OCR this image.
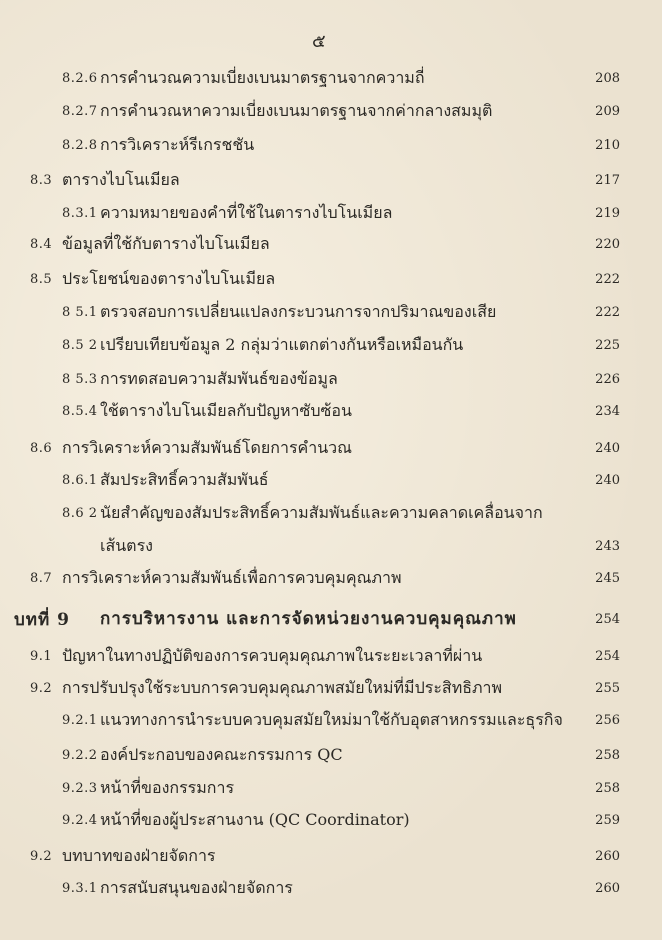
๕
8.2.6 การคำนวณความเบี่ยงเบนมาตรฐานจากความถี่	208
8.2.7 การคำนวณหาความเบี่ยงเบนมาตรฐานจากค่ากลางสมมุติ	209
8.2.8 การวิเคราะห์รีเกรชชัน	210
8.3 ตารางไบโนเมียล	217
8.3.1 ความหมายของคำที่ใช้ในตารางไบโนเมียล	219
8.4 ข้อมูลที่ใช้กับตารางไบโนเมียล	220
8.5 ประโยชน์ของตารางไบโนเมียล	222
8 5.1 ตรวจสอบการเปลี่ยนแปลงกระบวนการจากปริมาณของเสีย	222
8.5 2 เปรียบเทียบข้อมูล 2 กลุ่มว่าแตกต่างกันหรือเหมือนกัน	225
8 5.3 การทดสอบความสัมพันธ์ของข้อมูล	226
8.5.4 ใช้ตารางไบโนเมียลกับปัญหาซับซ้อน	234
8.6 การวิเคราะห์ความสัมพันธ์โดยการคำนวณ	240
8.6.1 สัมประสิทธิ์ความสัมพันธ์	240
8.6 2 นัยสำคัญของสัมประสิทธิ์ความสัมพันธ์และความคลาดเคลื่อนจาก
เส้นตรง	243
8.7 การวิเคราะห์ความสัมพันธ์เพื่อการควบคุมคุณภาพ	245
บทที่ 9 การบริหารงาน และการจัดหน่วยงานควบคุมคุณภาพ	254
9.1 ปัญหาในทางปฏิบัติของการควบคุมคุณภาพในระยะเวลาที่ผ่าน	254
9.2 การปรับปรุงใช้ระบบการควบคุมคุณภาพสมัยใหม่ที่มีประสิทธิภาพ	255
9.2.1 แนวทางการนำระบบควบคุมสมัยใหม่มาใช้กับอุตสาหกรรมและธุรกิจ 256
9.2.2 องค์ประกอบของคณะกรรมการ QC	258
9.2.3 หน้าที่ของกรรมการ	258
9.2.4 หน้าที่ของผู้ประสานงาน (QC Coordinator)	259
9.2 บทบาทของฝ่ายจัดการ	260
9.3.1 การสนับสนุนของฝ่ายจัดการ	260
